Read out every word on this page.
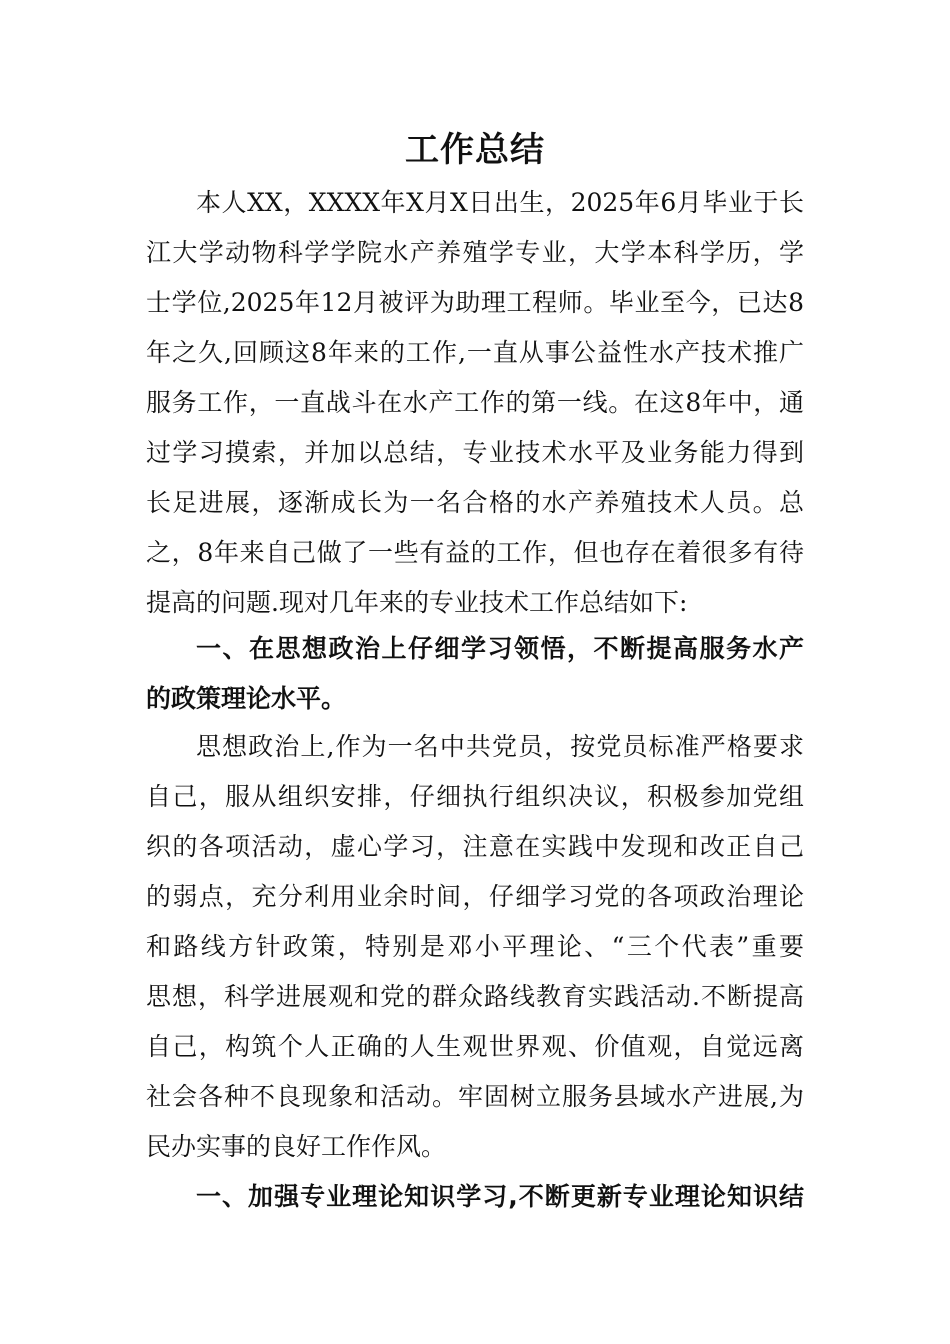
工作总结
本人XX，XXXX年X月X日出生，2025年6月毕业于长
江大学动物科学学院水产养殖学专业，大学本科学历，学
士学位,2025年12月被评为助理工程师。毕业至今，已达8
年之久,回顾这8年来的工作,一直从事公益性水产技术推广
服务工作，一直战斗在水产工作的第一线。在这8年中，通
过学习摸索，并加以总结，专业技术水平及业务能力得到
长足进展，逐渐成长为一名合格的水产养殖技术人员。总
之，8年来自己做了一些有益的工作，但也存在着很多有待
提高的问题.现对几年来的专业技术工作总结如下:
一、在思想政治上仔细学习领悟，不断提高服务水产
的政策理论水平。
思想政治上,作为一名中共党员，按党员标准严格要求
自己，服从组织安排，仔细执行组织决议，积极参加党组
织的各项活动，虚心学习，注意在实践中发现和改正自己
的弱点，充分利用业余时间，仔细学习党的各项政治理论
和路线方针政策，特别是邓小平理论、“三个代表”重要
思想，科学进展观和党的群众路线教育实践活动.不断提高
自己，构筑个人正确的人生观世界观、价值观，自觉远离
社会各种不良现象和活动。牢固树立服务县域水产进展,为
民办实事的良好工作作风。
一、加强专业理论知识学习,不断更新专业理论知识结
